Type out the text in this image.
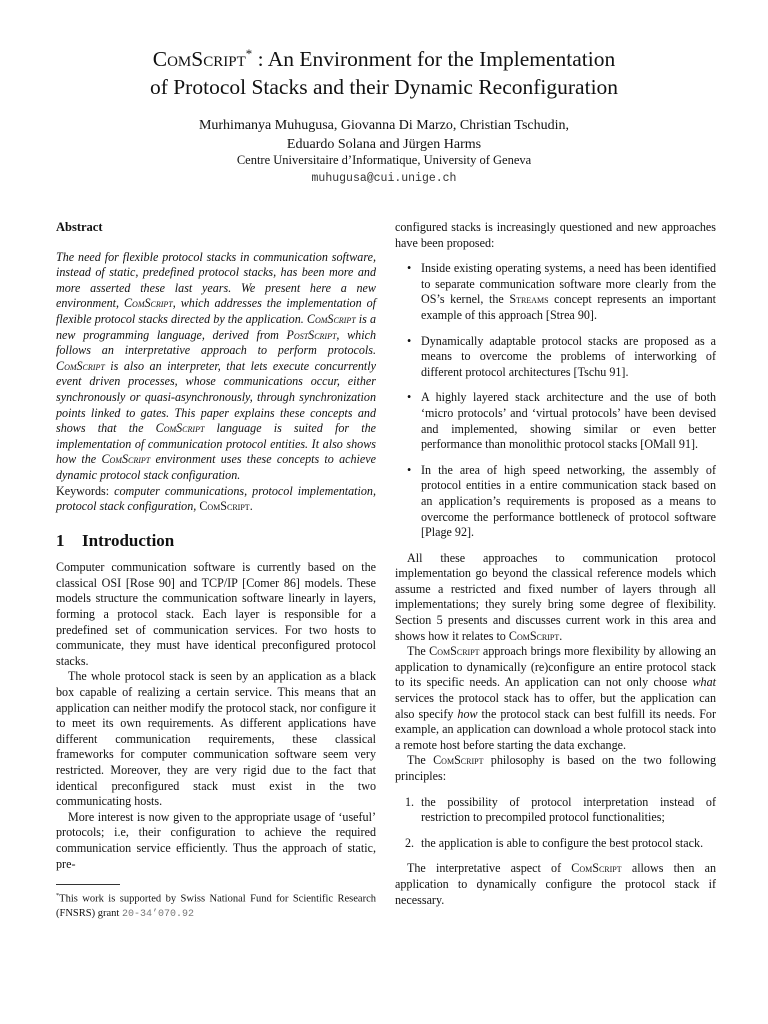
ComScript* : An Environment for the Implementation
of Protocol Stacks and their Dynamic Reconfiguration
Murhimanya Muhugusa, Giovanna Di Marzo, Christian Tschudin,
Eduardo Solana and Jürgen Harms
Centre Universitaire d’Informatique, University of Geneva
muhugusa@cui.unige.ch

Abstract

The need for flexible protocol stacks in communication software, instead of static, predefined protocol stacks, has been more and more asserted these last years. We present here a new environment, ComScript, which addresses the implementation of flexible protocol stacks directed by the application. ComScript is a new programming language, derived from PostScript, which follows an interpretative approach to perform protocols. ComScript is also an interpreter, that lets execute concurrently event driven processes, whose communications occur, either synchronously or quasi-asynchronously, through synchronization points linked to gates. This paper explains these concepts and shows that the ComScript language is suited for the implementation of communication protocol entities. It also shows how the ComScript environment uses these concepts to achieve dynamic protocol stack configuration.

Keywords: computer communications, protocol implementation, protocol stack configuration, ComScript.

1 Introduction

Computer communication software is currently based on the classical OSI [Rose 90] and TCP/IP [Comer 86] models. These models structure the communication software linearly in layers, forming a protocol stack. Each layer is responsible for a predefined set of communication services. For two hosts to communicate, they must have identical preconfigured protocol stacks.

The whole protocol stack is seen by an application as a black box capable of realizing a certain service. This means that an application can neither modify the protocol stack, nor configure it to meet its own requirements. As different applications have different communication requirements, these classical frameworks for computer communication software seem very restricted. Moreover, they are very rigid due to the fact that identical preconfigured stack must exist in the two communicating hosts.

More interest is now given to the appropriate usage of ‘useful’ protocols; i.e, their configuration to achieve the required communication service efficiently. Thus the approach of static, pre-

*This work is supported by Swiss National Fund for Scientific Research (FNSRS) grant 20-34’070.92

configured stacks is increasingly questioned and new approaches have been proposed:

• Inside existing operating systems, a need has been identified to separate communication software more clearly from the OS’s kernel, the Streams concept represents an important example of this approach [Strea 90].
• Dynamically adaptable protocol stacks are proposed as a means to overcome the problems of interworking of different protocol architectures [Tschu 91].
• A highly layered stack architecture and the use of both ‘micro protocols’ and ‘virtual protocols’ have been devised and implemented, showing similar or even better performance than monolithic protocol stacks [OMall 91].
• In the area of high speed networking, the assembly of protocol entities in a entire communication stack based on an application’s requirements is proposed as a means to overcome the performance bottleneck of protocol software [Plage 92].

All these approaches to communication protocol implementation go beyond the classical reference models which assume a restricted and fixed number of layers through all implementations; they surely bring some degree of flexibility. Section 5 presents and discusses current work in this area and shows how it relates to ComScript.

The ComScript approach brings more flexibility by allowing an application to dynamically (re)configure an entire protocol stack to its specific needs. An application can not only choose what services the protocol stack has to offer, but the application can also specify how the protocol stack can best fulfill its needs. For example, an application can download a whole protocol stack into a remote host before starting the data exchange.

The ComScript philosophy is based on the two following principles:

1. the possibility of protocol interpretation instead of restriction to precompiled protocol functionalities;
2. the application is able to configure the best protocol stack.

The interpretative aspect of ComScript allows then an application to dynamically configure the protocol stack if necessary.
